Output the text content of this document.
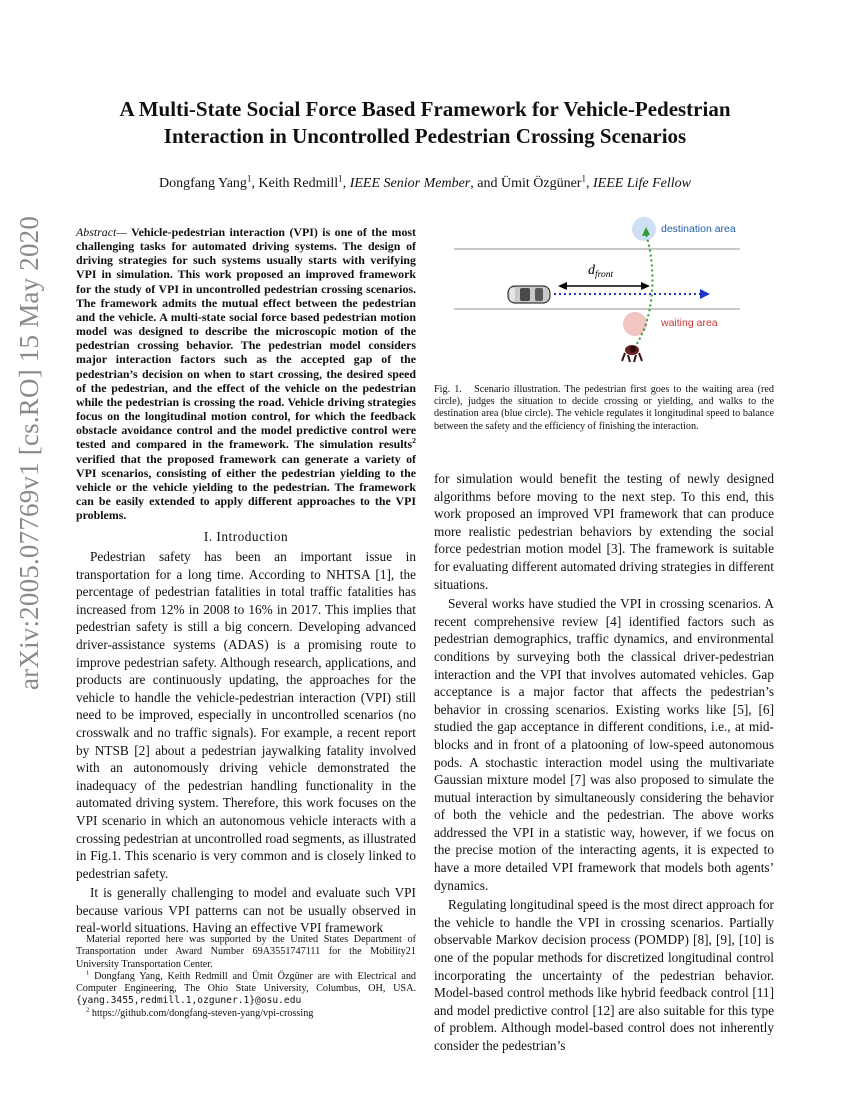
A Multi-State Social Force Based Framework for Vehicle-Pedestrian
Interaction in Uncontrolled Pedestrian Crossing Scenarios
Dongfang Yang$^1$, Keith Redmill$^1$, IEEE Senior Member, and Ümit Özgüner$^1$, IEEE Life Fellow
arXiv:2005.07769v1 [cs.RO] 15 May 2020	Abstract— Vehicle-pedestrian interaction (VPI) is one of the most challenging tasks for automated driving systems. The design of driving strategies for such systems usually starts with verifying VPI in simulation. This work proposed an improved framework for the study of VPI in uncontrolled pedestrian crossing scenarios. The framework admits the mutual effect between the pedestrian and the vehicle. A multi-state social force based pedestrian motion model was designed to describe the microscopic motion of the pedestrian crossing behavior. The pedestrian model considers major interaction factors such as the accepted gap of the pedestrian’s decision on when to start crossing, the desired speed of the pedestrian, and the effect of the vehicle on the pedestrian while the pedestrian is crossing the road. Vehicle driving strategies focus on the longitudinal motion control, for which the feedback obstacle avoidance control and the model predictive control were tested and compared in the framework. The simulation results$^2$ verified that the proposed framework can generate a variety of VPI scenarios, consisting of either the pedestrian yielding to the vehicle or the vehicle yielding to the pedestrian. The framework can be easily extended to apply different approaches to the VPI problems.
I. Introduction

Pedestrian safety has been an important issue in transportation for a long time. According to NHTSA [1], the percentage of pedestrian fatalities in total traffic fatalities has increased from 12% in 2008 to 16% in 2017. This implies that pedestrian safety is still a big concern. Developing advanced driver-assistance systems (ADAS) is a promising route to improve pedestrian safety. Although research, applications, and products are continuously updating, the approaches for the vehicle to handle the vehicle-pedestrian interaction (VPI) still need to be improved, especially in uncontrolled scenarios (no crosswalk and no traffic signals). For example, a recent report by NTSB [2] about a pedestrian jaywalking fatality involved with an autonomously driving vehicle demonstrated the inadequacy of the pedestrian handling functionality in the automated driving system. Therefore, this work focuses on the VPI scenario in which an autonomous vehicle interacts with a crossing pedestrian at uncontrolled road segments, as illustrated in Fig.1. This scenario is very common and is closely linked to pedestrian safety.

It is generally challenging to model and evaluate such VPI because various VPI patterns can not be usually observed in real-world situations. Having an effective VPI framework

Material reported here was supported by the United States Department of Transportation under Award Number 69A3551747111 for the Mobility21 University Transportation Center.

$^1$ Dongfang Yang, Keith Redmill and Ümit Özgüner are with Electrical and Computer Engineering, The Ohio State University, Columbus, OH, USA. {yang.3455,redmill.1,ozguner.1}@osu.edu

$^2$ https://github.com/dongfang-steven-yang/vpi-crossing

$d_{front}$
destination area
waiting area
Fig. 1. Scenario illustration. The pedestrian first goes to the waiting area (red circle), judges the situation to decide crossing or yielding, and walks to the destination area (blue circle). The vehicle regulates it longitudinal speed to balance between the safety and the efficiency of finishing the interaction.

for simulation would benefit the testing of newly designed algorithms before moving to the next step. To this end, this work proposed an improved VPI framework that can produce more realistic pedestrian behaviors by extending the social force pedestrian motion model [3]. The framework is suitable for evaluating different automated driving strategies in different situations.

Several works have studied the VPI in crossing scenarios. A recent comprehensive review [4] identified factors such as pedestrian demographics, traffic dynamics, and environmental conditions by surveying both the classical driver-pedestrian interaction and the VPI that involves automated vehicles. Gap acceptance is a major factor that affects the pedestrian’s behavior in crossing scenarios. Existing works like [5], [6] studied the gap acceptance in different conditions, i.e., at mid-blocks and in front of a platooning of low-speed autonomous pods. A stochastic interaction model using the multivariate Gaussian mixture model [7] was also proposed to simulate the mutual interaction by simultaneously considering the behavior of both the vehicle and the pedestrian. The above works addressed the VPI in a statistic way, however, if we focus on the precise motion of the interacting agents, it is expected to have a more detailed VPI framework that models both agents’ dynamics.

Regulating longitudinal speed is the most direct approach for the vehicle to handle the VPI in crossing scenarios. Partially observable Markov decision process (POMDP) [8], [9], [10] is one of the popular methods for discretized longitudinal control incorporating the uncertainty of the pedestrian behavior. Model-based control methods like hybrid feedback control [11] and model predictive control [12] are also suitable for this type of problem. Although model-based control does not inherently consider the pedestrian’s
